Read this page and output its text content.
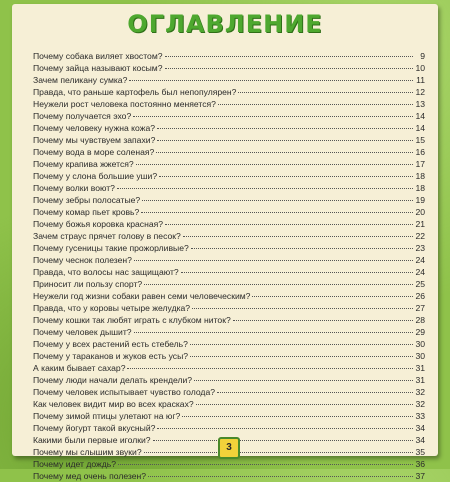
ОГЛАВЛЕНИЕ
Почему собака виляет хвостом?	9
Почему зайца называют косым?	10
Зачем пеликану сумка?	11
Правда, что раньше картофель был непопулярен?	12
Неужели рост человека постоянно меняется?	13
Почему получается эхо?	14
Почему человеку нужна кожа?	14
Почему мы чувствуем запахи?	15
Почему вода в море соленая?	16
Почему крапива жжется?	17
Почему у слона большие уши?	18
Почему волки воют?	18
Почему зебры полосатые?	19
Почему комар пьет кровь?	20
Почему божья коровка красная?	21
Зачем страус прячет голову в песок?	22
Почему гусеницы такие прожорливые?	23
Почему чеснок полезен?	24
Правда, что волосы нас защищают?	24
Приносит ли пользу спорт?	25
Неужели год жизни собаки равен семи человеческим?	26
Правда, что у коровы четыре желудка?	27
Почему кошки так любят играть с клубком ниток?	28
Почему человек дышит?	29
Почему у всех растений есть стебель?	30
Почему у тараканов и жуков есть усы?	30
А каким бывает сахар?	31
Почему люди начали делать крендели?	31
Почему человек испытывает чувство голода?	32
Как человек видит мир во всех красках?	32
Почему зимой птицы улетают на юг?	33
Почему йогурт такой вкусный?	34
Какими были первые иголки?	34
Почему мы слышим звуки?	35
Почему идет дождь?	36
Почему мед очень полезен?	37
3
